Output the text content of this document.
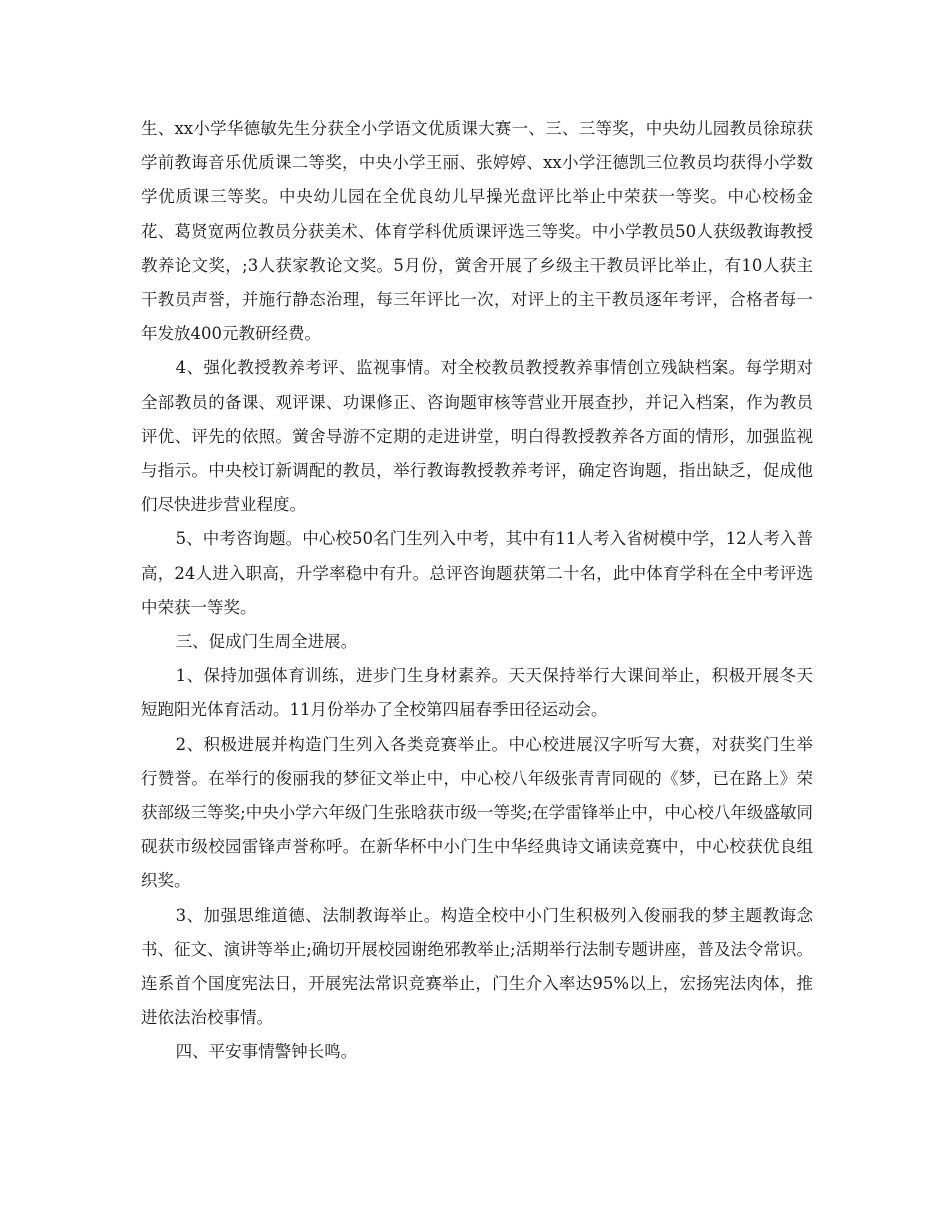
生、xx小学华德敏先生分获全小学语文优质课大赛一、三、三等奖，中央幼儿园教员徐琼获学前教诲音乐优质课二等奖，中央小学王丽、张婷婷、xx小学汪德凯三位教员均获得小学数学优质课三等奖。中央幼儿园在全优良幼儿早操光盘评比举止中荣获一等奖。中心校杨金花、葛贤宽两位教员分获美术、体育学科优质课评选三等奖。中小学教员50人获级教诲教授教养论文奖，;3人获家教论文奖。5月份，黉舍开展了乡级主干教员评比举止，有10人获主干教员声誉，并施行静态治理，每三年评比一次，对评上的主干教员逐年考评，合格者每一年发放400元教研经费。

4、强化教授教养考评、监视事情。对全校教员教授教养事情创立残缺档案。每学期对全部教员的备课、观评课、功课修正、咨询题审核等营业开展查抄，并记入档案，作为教员评优、评先的依照。黉舍导游不定期的走进讲堂，明白得教授教养各方面的情形，加强监视与指示。中央校订新调配的教员，举行教诲教授教养考评，确定咨询题，指出缺乏，促成他们尽快进步营业程度。

5、中考咨询题。中心校50名门生列入中考，其中有11人考入省树模中学，12人考入普高，24人进入职高，升学率稳中有升。总评咨询题获第二十名，此中体育学科在全中考评选中荣获一等奖。

三、促成门生周全进展。

1、保持加强体育训练，进步门生身材素养。天天保持举行大课间举止，积极开展冬天短跑阳光体育活动。11月份举办了全校第四届春季田径运动会。

2、积极进展并构造门生列入各类竞赛举止。中心校进展汉字听写大赛，对获奖门生举行赞誉。在举行的俊丽我的梦征文举止中，中心校八年级张青青同砚的《梦，已在路上》荣获部级三等奖;中央小学六年级门生张晗获市级一等奖;在学雷锋举止中，中心校八年级盛敏同砚获市级校园雷锋声誉称呼。在新华杯中小门生中华经典诗文诵读竞赛中，中心校获优良组织奖。

3、加强思维道德、法制教诲举止。构造全校中小门生积极列入俊丽我的梦主题教诲念书、征文、演讲等举止;确切开展校园谢绝邪教举止;活期举行法制专题讲座，普及法令常识。连系首个国度宪法日，开展宪法常识竞赛举止，门生介入率达95%以上，宏扬宪法肉体，推进依法治校事情。

四、平安事情警钟长鸣。
